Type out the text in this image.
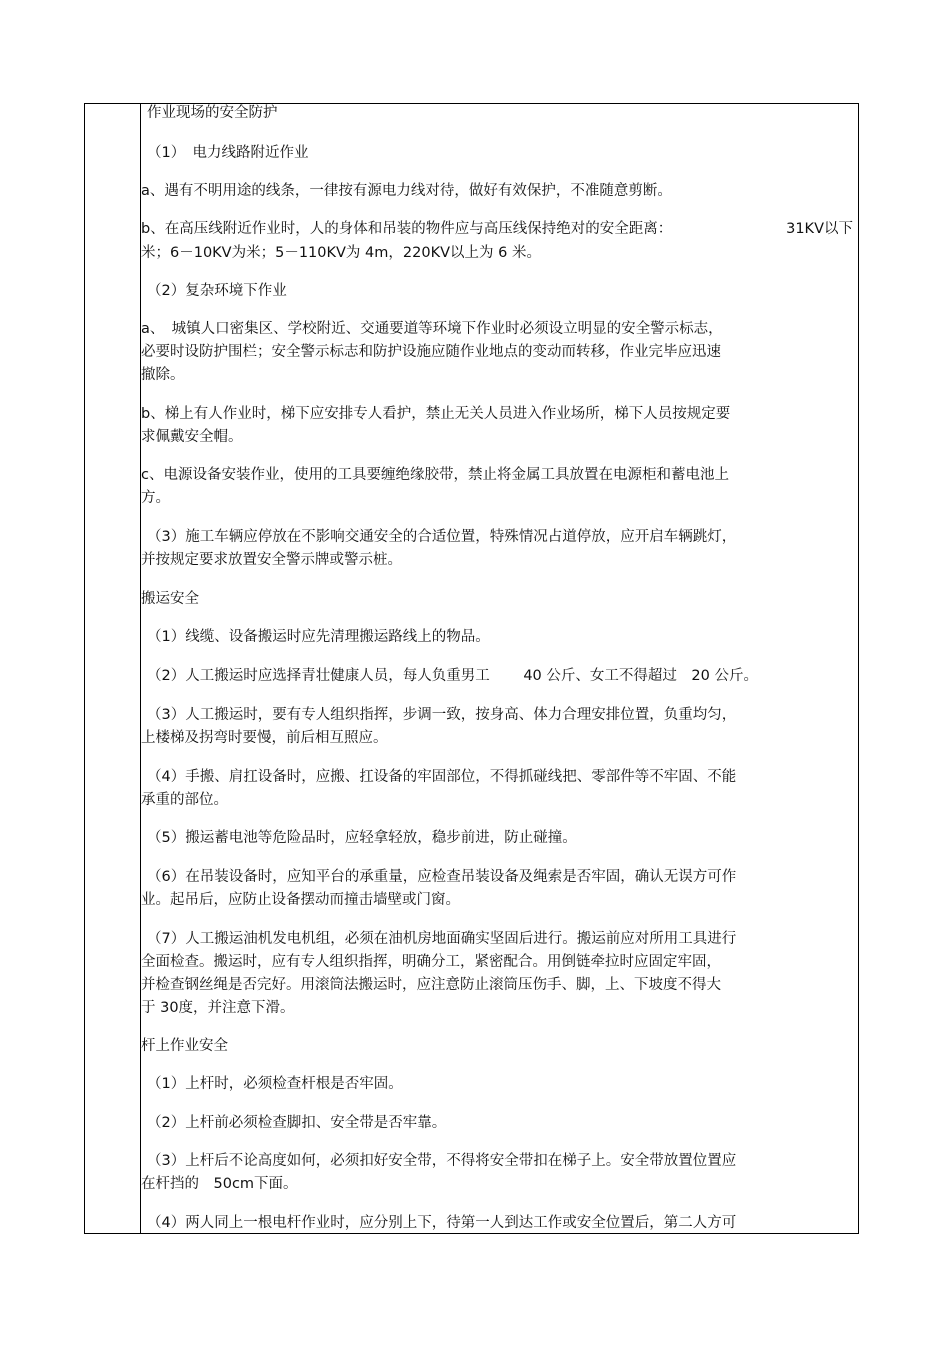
作业现场的安全防护
（1）　电力线路附近作业
a、遇有不明用途的线条，一律按有源电力线对待，做好有效保护，不准随意剪断。
b、在高压线附近作业时，人的身体和吊装的物件应与高压线保持绝对的安全距离：	31KV以下
米；6－10KV为米；5－110KV为 4m，220KV以上为 6 米。
（2）复杂环境下作业
a、　城镇人口密集区、学校附近、交通要道等环境下作业时必须设立明显的安全警示标志，
必要时设防护围栏；安全警示标志和防护设施应随作业地点的变动而转移，作业完毕应迅速
撤除。
b、梯上有人作业时，梯下应安排专人看护，禁止无关人员进入作业场所，梯下人员按规定要
求佩戴安全帽。
c、电源设备安装作业，使用的工具要缠绝缘胶带，禁止将金属工具放置在电源柜和蓄电池上
方。
（3）施工车辆应停放在不影响交通安全的合适位置，特殊情况占道停放，应开启车辆跳灯，
并按规定要求放置安全警示牌或警示桩。
搬运安全
（1）线缆、设备搬运时应先清理搬运路线上的物品。
（2）人工搬运时应选择青壮健康人员，每人负重男工　　 40 公斤、女工不得超过　20 公斤。
（3）人工搬运时，要有专人组织指挥，步调一致，按身高、体力合理安排位置，负重均匀，
上楼梯及拐弯时要慢，前后相互照应。
（4）手搬、肩扛设备时，应搬、扛设备的牢固部位，不得抓碰线把、零部件等不牢固、不能
承重的部位。
（5）搬运蓄电池等危险品时，应轻拿轻放，稳步前进，防止碰撞。
（6）在吊装设备时，应知平台的承重量，应检查吊装设备及绳索是否牢固，确认无误方可作
业。起吊后，应防止设备摆动而撞击墙壁或门窗。
（7）人工搬运油机发电机组，必须在油机房地面确实坚固后进行。搬运前应对所用工具进行
全面检查。搬运时，应有专人组织指挥，明确分工，紧密配合。用倒链牵拉时应固定牢固，
并检查钢丝绳是否完好。用滚筒法搬运时，应注意防止滚筒压伤手、脚，上、下坡度不得大
于 30度，并注意下滑。
杆上作业安全
（1）上杆时，必须检查杆根是否牢固。
（2）上杆前必须检查脚扣、安全带是否牢靠。
（3）上杆后不论高度如何，必须扣好安全带，不得将安全带扣在梯子上。安全带放置位置应
在杆挡的　50cm下面。
（4）两人同上一根电杆作业时，应分别上下，待第一人到达工作或安全位置后，第二人方可
